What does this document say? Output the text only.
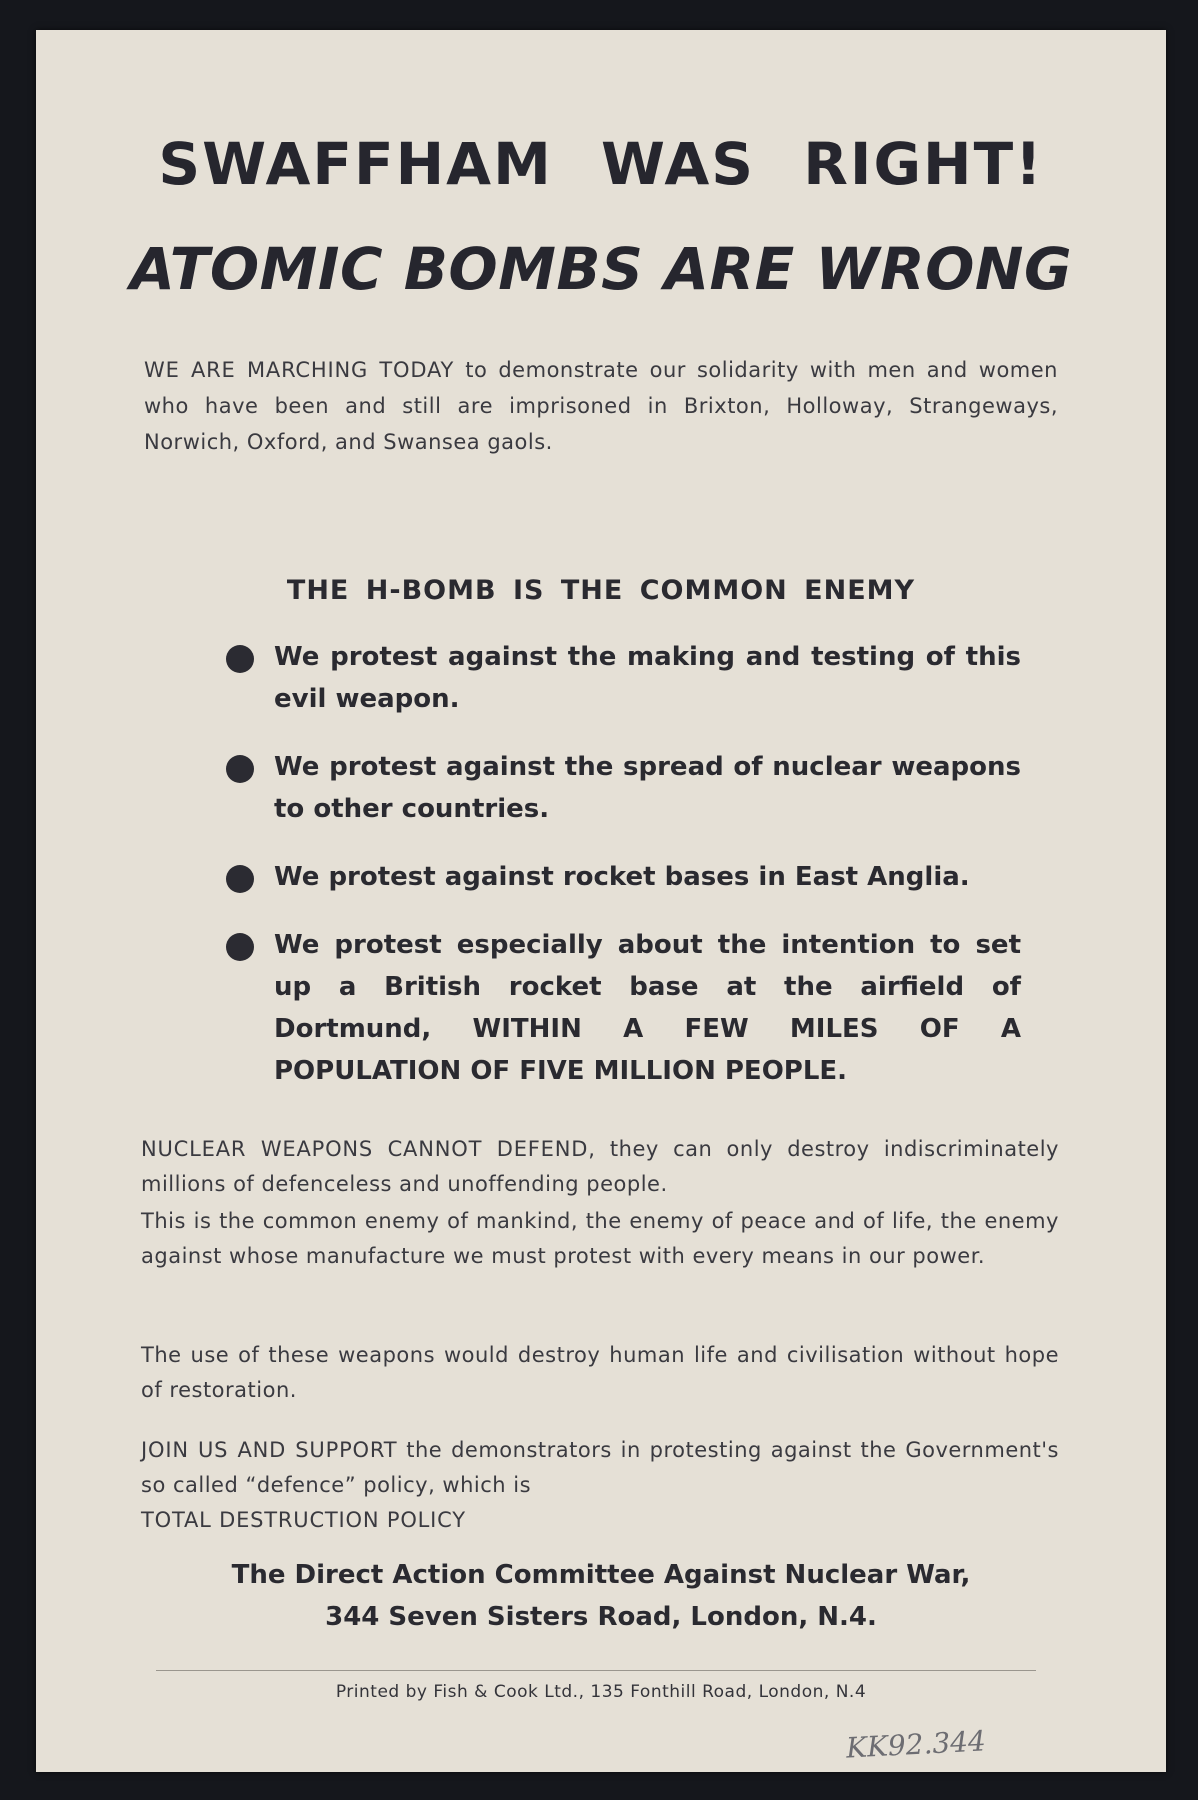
SWAFFHAM WAS RIGHT!
ATOMIC BOMBS ARE WRONG

WE ARE MARCHING TODAY to demonstrate our solidarity with men and women who have been and still are imprisoned in Brixton, Holloway, Strangeways, Norwich, Oxford, and Swansea gaols.

THE H-BOMB IS THE COMMON ENEMY
We protest against the making and testing of this evil weapon.
We protest against the spread of nuclear weapons to other countries.
We protest against rocket bases in East Anglia.
We protest especially about the intention to set up a British rocket base at the airfield of Dortmund, WITHIN A FEW MILES OF A POPULATION OF FIVE MILLION PEOPLE.

NUCLEAR WEAPONS CANNOT DEFEND, they can only destroy indiscriminately millions of defenceless and unoffending people.

This is the common enemy of mankind, the enemy of peace and of life, the enemy against whose manufacture we must protest with every means in our power.

The use of these weapons would destroy human life and civilisation without hope of restoration.

JOIN US AND SUPPORT the demonstrators in protesting against the Government's so called “defence” policy, which is
TOTAL DESTRUCTION POLICY

The Direct Action Committee Against Nuclear War,

344 Seven Sisters Road, London, N.4.

Printed by Fish & Cook Ltd., 135 Fonthill Road, London, N.4

KK92.344
